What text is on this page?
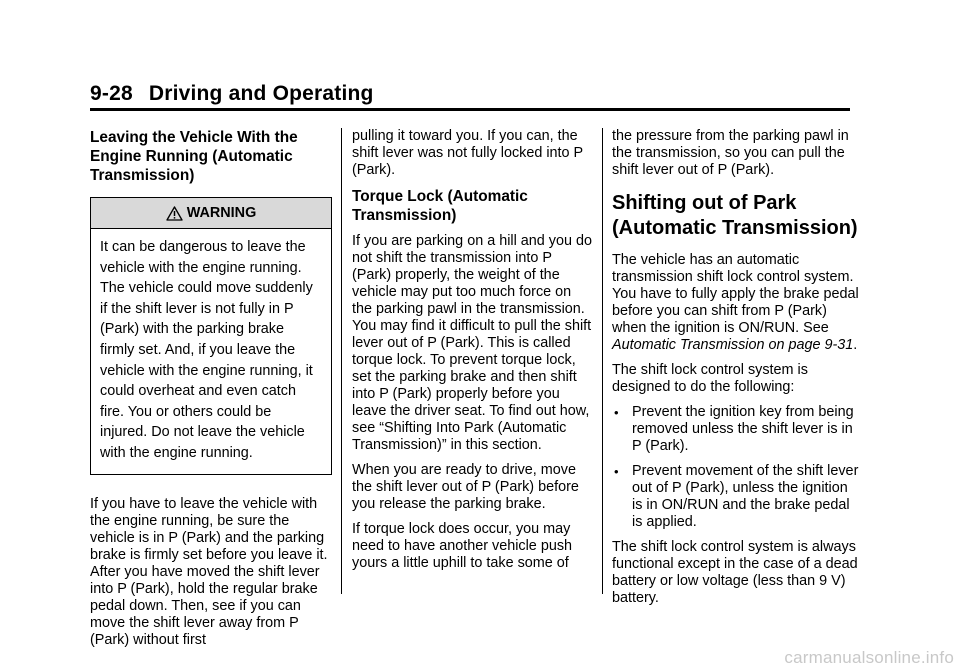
9-28 Driving and Operating
Leaving the Vehicle With the Engine Running (Automatic Transmission)
WARNING
It can be dangerous to leave the vehicle with the engine running. The vehicle could move suddenly if the shift lever is not fully in P (Park) with the parking brake firmly set. And, if you leave the vehicle with the engine running, it could overheat and even catch fire. You or others could be injured. Do not leave the vehicle with the engine running.

If you have to leave the vehicle with the engine running, be sure the vehicle is in P (Park) and the parking brake is firmly set before you leave it. After you have moved the shift lever into P (Park), hold the regular brake pedal down. Then, see if you can move the shift lever away from P (Park) without first

pulling it toward you. If you can, the shift lever was not fully locked into P (Park).

Torque Lock (Automatic Transmission)

If you are parking on a hill and you do not shift the transmission into P (Park) properly, the weight of the vehicle may put too much force on the parking pawl in the transmission. You may find it difficult to pull the shift lever out of P (Park). This is called torque lock. To prevent torque lock, set the parking brake and then shift into P (Park) properly before you leave the driver seat. To find out how, see “Shifting Into Park (Automatic Transmission)” in this section.

When you are ready to drive, move the shift lever out of P (Park) before you release the parking brake.

If torque lock does occur, you may need to have another vehicle push yours a little uphill to take some of

the pressure from the parking pawl in the transmission, so you can pull the shift lever out of P (Park).

Shifting out of Park (Automatic Transmission)

The vehicle has an automatic transmission shift lock control system. You have to fully apply the brake pedal before you can shift from P (Park) when the ignition is ON/RUN. See Automatic Transmission on page 9-31.

The shift lock control system is designed to do the following:

• Prevent the ignition key from being removed unless the shift lever is in P (Park).
• Prevent movement of the shift lever out of P (Park), unless the ignition is in ON/RUN and the brake pedal is applied.

The shift lock control system is always functional except in the case of a dead battery or low voltage (less than 9 V) battery.

carmanualsonline.info
